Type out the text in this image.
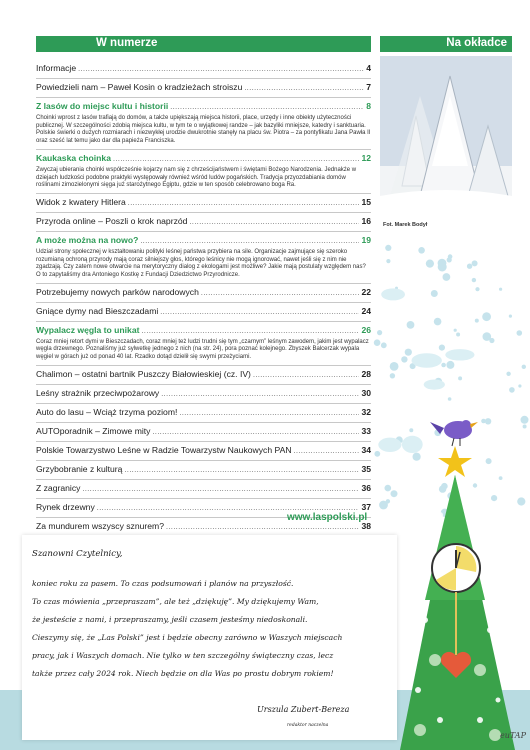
W numerze	Na okładce
Informacje .....	4
Powiedzieli nam – Paweł Kosin o kradzieżach stroiszu .....	7
Z lasów do miejsc kultu i historii .....	8
Choinki wprost z lasów trafiają do domów, a także upiększają miejsca historii, place, urzędy i inne obiekty użyteczności publicznej. W szczególności zdobią miejsca kultu, w tym te o wyjątkowej randze – jak bazyliki mniejsze, katedry i sanktuaria. Polskie świerki o dużych rozmiarach i niezwykłej urodzie dwukrotnie stanęły na placu św. Piotra – za pontyfikatu Jana Pawła II oraz sześć lat temu jako dar dla papieża Franciszka.
Kaukaska choinka .....	12
Zwyczaj ubierania choinki współcześnie kojarzy nam się z chrześcijaństwem i świętami Bożego Narodzenia. Jednakże w dziejach ludzkości podobne praktyki występowały również wśród ludów pogańskich. Tradycja przyozdabiania domów roślinami zimozielonymi sięga już starożytnego Egiptu, gdzie w ten sposób celebrowano boga Ra.
Widok z kwatery Hitlera .....	15
Przyroda online – Poszli o krok naprzód .....	16
A może można na nowo? .....	19
Udział strony społecznej w kształtowaniu polityki leśnej państwa przybiera na sile. Organizacje zajmujące się szeroko rozumianą ochroną przyrody mają coraz silniejszy głos, którego leśnicy nie mogą ignorować, nawet jeśli się z nim nie zgadzają. Czy zatem nowe otwarcie na merytoryczny dialog z ekologami jest możliwe? Jakie mają postulaty względem nas? O to zapytaliśmy dra Antoniego Kostkę z Fundacji Dziedzictwo Przyrodnicze.
Potrzebujemy nowych parków narodowych .....	22
Gniące dymy nad Bieszczadami .....	24
Wypalacz węgla to unikat .....	26
Coraz mniej retort dymi w Bieszczadach, coraz mniej też ludzi trudni się tym „czarnym” leśnym zawodem, jakim jest wypalacz węgla drzewnego. Poznaliśmy już sylwetkę jednego z nich (na str. 24), pora poznać kolejnego. Zbyszek Balcerzak wypala węgiel w górach już od ponad 40 lat. Rzadko dotąd dzielił się swymi przeżyciami.
Chalimon – ostatni bartnik Puszczy Białowieskiej (cz. IV) .....	28
Leśny strażnik przeciwpożarowy .....	30
Auto do lasu – Wciąż trzyma poziom! .....	32
AUTOporadnik – Zimowe mity .....	33
Polskie Towarzystwo Leśne w Radzie Towarzystw Naukowych PAN .....	34
Grzybobranie z kulturą .....	35
Z zagranicy .....	36
Rynek drzewny .....	37
Za mundurem wszyscy sznurem? .....	38
.....
Fot. Marek Bodył
www.laspolski.pl

Szanowni Czytelnicy,

koniec roku za pasem. To czas podsumowań i planów na przyszłość.

To czas mówienia „przepraszam”, ale też „dziękuję”. My dziękujemy Wam,

że jesteście z nami, i przepraszamy, jeśli czasem jesteśmy niedoskonali.

Cieszymy się, że „Las Polski” jest i będzie obecny zarówno w Waszych miejscach

pracy, jak i Waszych domach. Nie tylko w ten szczególny świąteczny czas, lecz

także przez cały 2024 rok. Niech będzie on dla Was po prostu dobrym rokiem!

Urszula Zubert-Bereza

redaktor naczelna

euTAP
